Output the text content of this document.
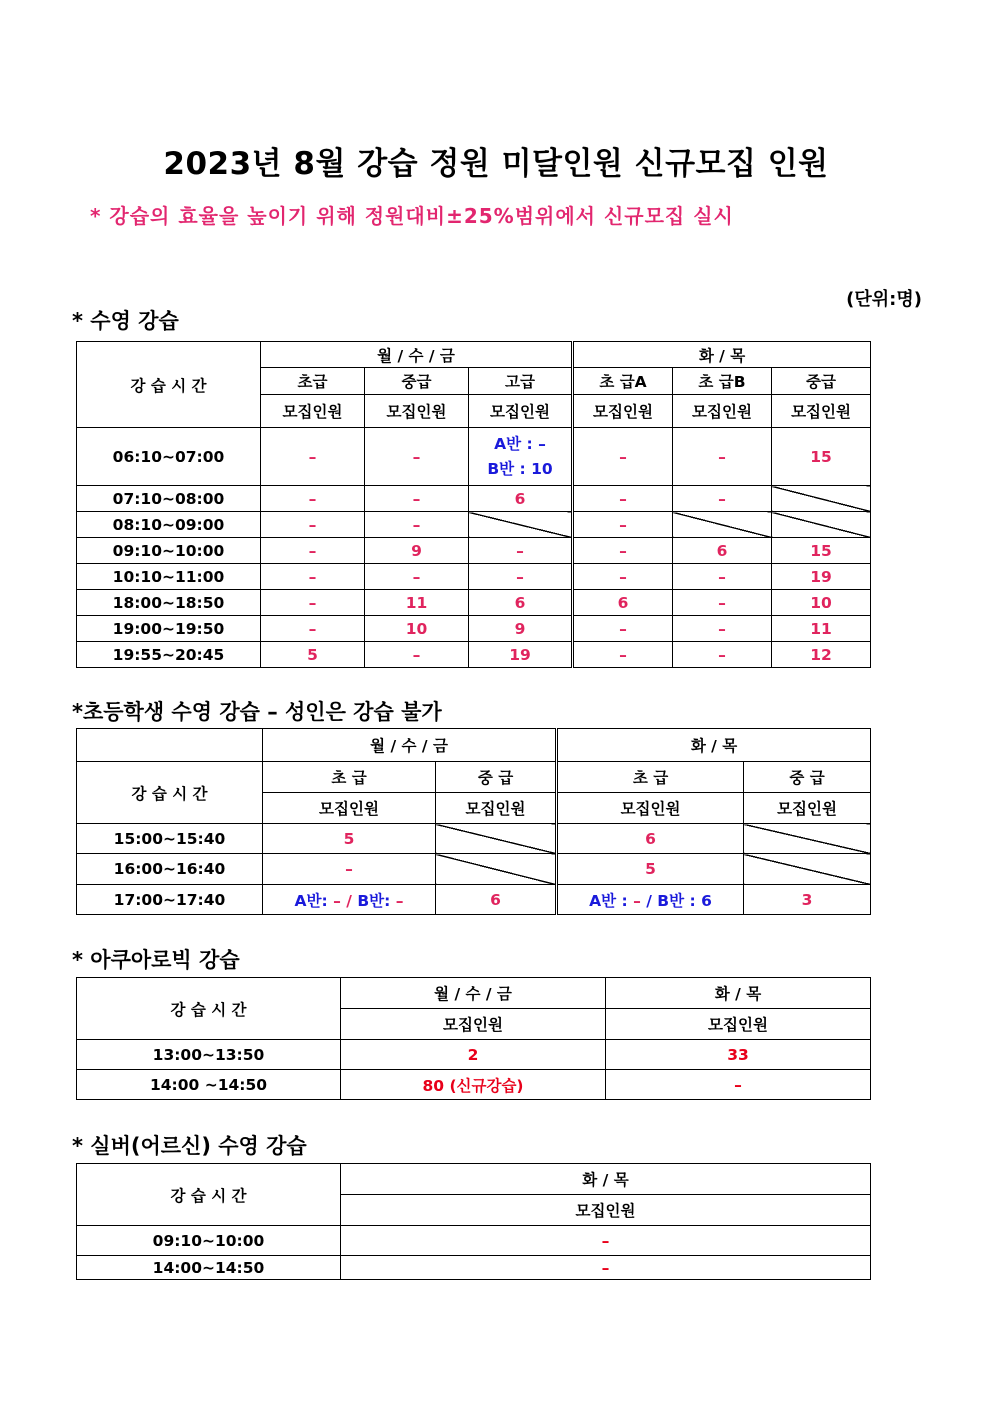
2023년 8월 강습 정원 미달인원 신규모집 인원

* 강습의 효율을 높이기 위해 정원대비±25%범위에서 신규모집 실시

(단위:명)
* 수영 강습
강 습 시 간	월 / 수 / 금			화 / 목		
	초급	중급	고급	초 급A	초 급B	중급
	모집인원	모집인원	모집인원	모집인원	모집인원	모집인원
06:10~07:00	–	–	A반 : –
B반 : 10	–	–	15
07:10~08:00	–	–	6	–	–	
08:10~09:00	–	–		–		
09:10~10:00	–	9	–	–	6	15
10:10~11:00	–	–	–	–	–	19
18:00~18:50	–	11	6	6	–	10
19:00~19:50	–	10	9	–	–	11
19:55~20:45	5	–	19	–	–	12
*초등학생 수영 강습 – 성인은 강습 불가
	월 / 수 / 금		화 / 목	
강 습 시 간	초 급	중 급	초 급	중 급
	모집인원	모집인원	모집인원	모집인원
15:00~15:40	5		6	
16:00~16:40	–		5	
17:00~17:40	A반: – / B반: –	6	A반 : – / B반 : 6	3
* 아쿠아로빅 강습
강 습 시 간	월 / 수 / 금	화 / 목
	모집인원	모집인원
13:00~13:50	2	33
14:00 ~14:50	80 (신규강습)	–
* 실버(어르신) 수영 강습
강 습 시 간	화 / 목
	모집인원
09:10~10:00	–
14:00~14:50	–
